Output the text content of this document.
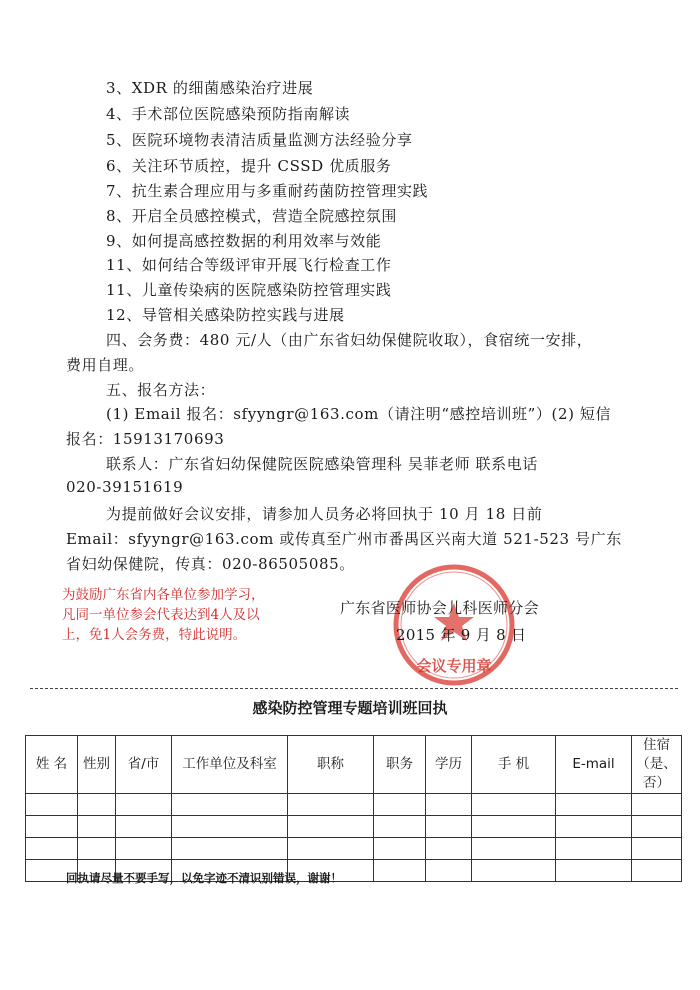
3、XDR 的细菌感染治疗进展
4、手术部位医院感染预防指南解读
5、医院环境物表清洁质量监测方法经验分享
6、关注环节质控，提升 CSSD 优质服务
7、抗生素合理应用与多重耐药菌防控管理实践
8、开启全员感控模式，营造全院感控氛围
9、如何提高感控数据的利用效率与效能
11、如何结合等级评审开展飞行检查工作
11、儿童传染病的医院感染防控管理实践
12、导管相关感染防控实践与进展
四、会务费：480 元/人（由广东省妇幼保健院收取），食宿统一安排，
费用自理。
五、报名方法：
(1) Email 报名：sfyyngr@163.com（请注明“感控培训班”）(2) 短信
报名：15913170693
联系人：广东省妇幼保健院医院感染管理科 吴菲老师 联系电话
020-39151619
为提前做好会议安排，请参加人员务必将回执于 10 月 18 日前
Email：sfyyngr@163.com 或传真至广州市番禺区兴南大道 521-523 号广东
省妇幼保健院，传真：020-86505085。
为鼓励广东省内各单位参加学习，
凡同一单位参会代表达到4人及以
上，免1人会务费，特此说明。
会议专用章
广东省医师协会儿科医师分会
2015 年 9 月 8 日
感染防控管理专题培训班回执
姓 名	性别	省/市	工作单位及科室	职称	职务	学历	手 机	E-mail	住宿（是、否）

回执请尽量不要手写，以免字迹不清识别错误，谢谢！
